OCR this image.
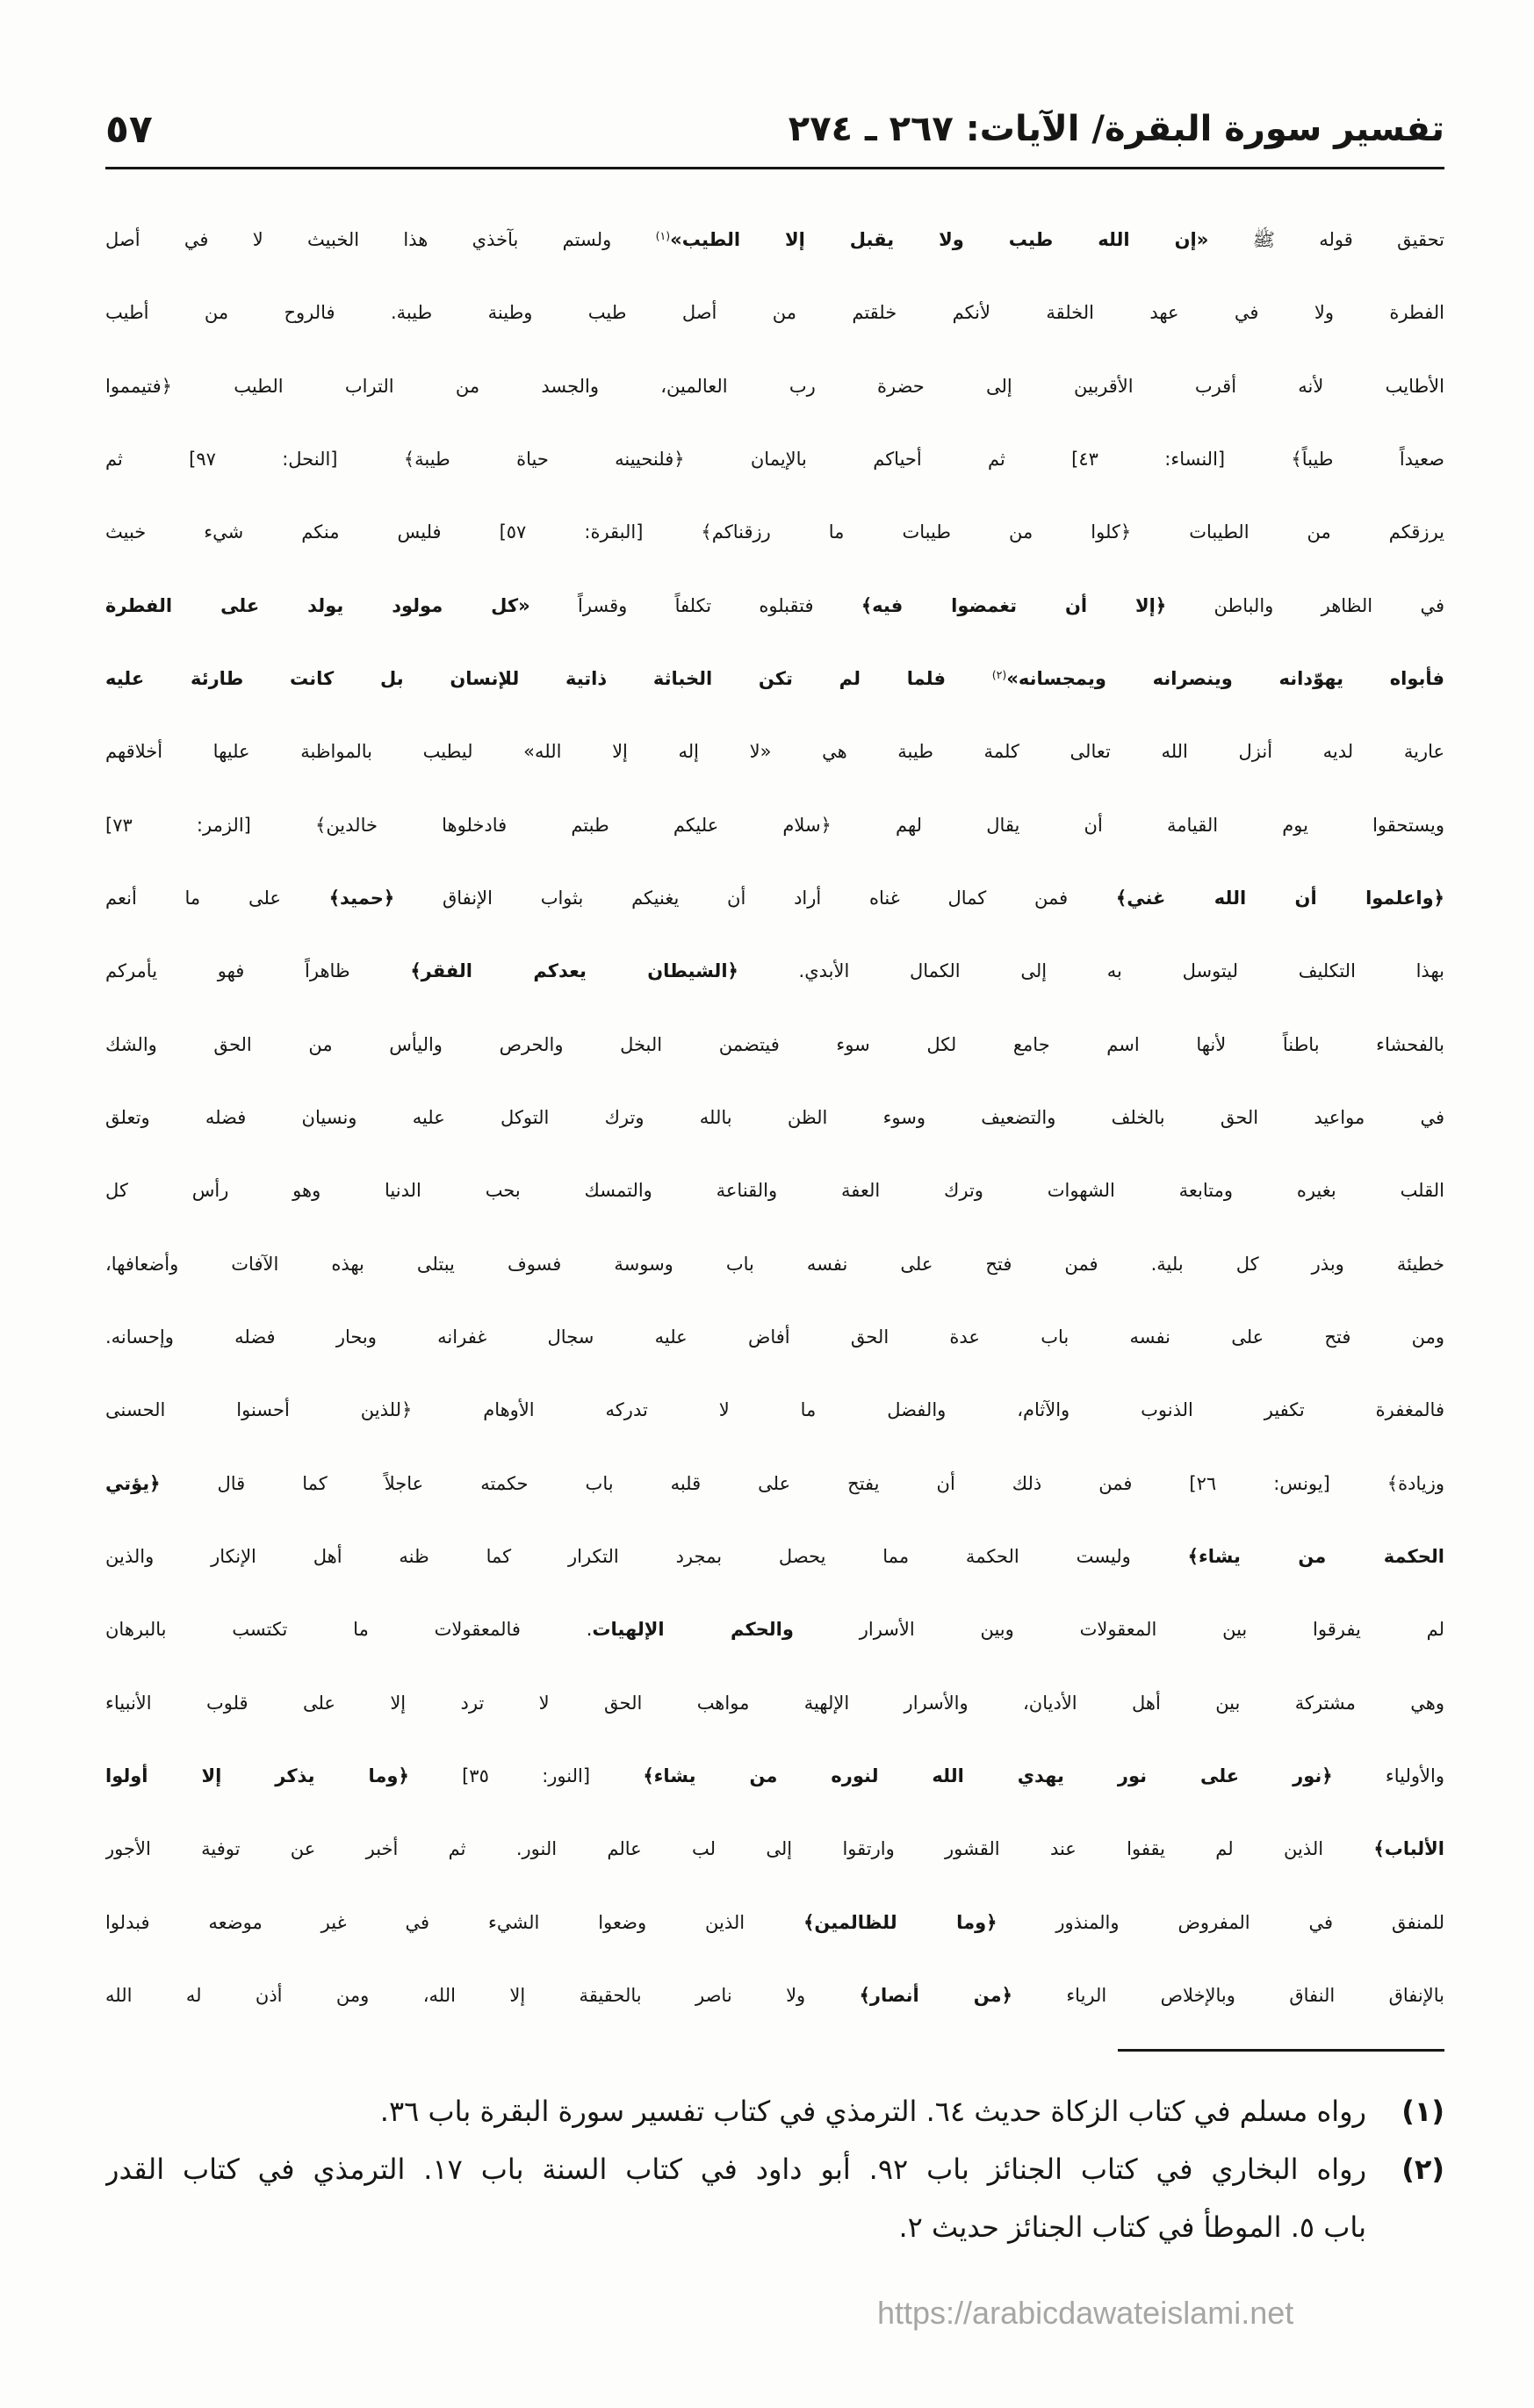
تفسير سورة البقرة/ الآيات: ٢٦٧ ـ ٢٧٤
٥٧
تحقيق قوله ﷺ «إن الله طيب ولا يقبل إلا الطيب»$^{(١)}$ ولستم بآخذي هذا الخبيث لا في أصل
الفطرة ولا في عهد الخلقة لأنكم خلقتم من أصل طيب وطينة طيبة. فالروح من أطيب
الأطايب لأنه أقرب الأقربين إلى حضرة رب العالمين، والجسد من التراب الطيب ﴿فتيمموا
صعيداً طيباً﴾ [النساء: ٤٣] ثم أحياكم بالإيمان ﴿فلنحيينه حياة طيبة﴾ [النحل: ٩٧] ثم
يرزقكم من الطيبات ﴿كلوا من طيبات ما رزقناكم﴾ [البقرة: ٥٧] فليس منكم شيء خبيث
في الظاهر والباطن ﴿إلا أن تغمضوا فيه﴾ فتقبلوه تكلفاً وقسراً «كل مولود يولد على الفطرة
فأبواه يهوّدانه وينصرانه ويمجسانه»$^{(٢)}$ فلما لم تكن الخباثة ذاتية للإنسان بل كانت طارئة عليه
عارية لديه أنزل الله تعالى كلمة طيبة هي «لا إله إلا الله» ليطيب بالمواظبة عليها أخلاقهم
ويستحقوا يوم القيامة أن يقال لهم ﴿سلام عليكم طبتم فادخلوها خالدين﴾ [الزمر: ٧٣]
﴿واعلموا أن الله غني﴾ فمن كمال غناه أراد أن يغنيكم بثواب الإنفاق ﴿حميد﴾ على ما أنعم
بهذا التكليف ليتوسل به إلى الكمال الأبدي. ﴿الشيطان يعدكم الفقر﴾ ظاهراً فهو يأمركم
بالفحشاء باطناً لأنها اسم جامع لكل سوء فيتضمن البخل والحرص واليأس من الحق والشك
في مواعيد الحق بالخلف والتضعيف وسوء الظن بالله وترك التوكل عليه ونسيان فضله وتعلق
القلب بغيره ومتابعة الشهوات وترك العفة والقناعة والتمسك بحب الدنيا وهو رأس كل
خطيئة وبذر كل بلية. فمن فتح على نفسه باب وسوسة فسوف يبتلى بهذه الآفات وأضعافها،
ومن فتح على نفسه باب عدة الحق أفاض عليه سجال غفرانه وبحار فضله وإحسانه.
فالمغفرة تكفير الذنوب والآثام، والفضل ما لا تدركه الأوهام ﴿للذين أحسنوا الحسنى
وزيادة﴾ [يونس: ٢٦] فمن ذلك أن يفتح على قلبه باب حكمته عاجلاً كما قال ﴿يؤتي
الحكمة من يشاء﴾ وليست الحكمة مما يحصل بمجرد التكرار كما ظنه أهل الإنكار والذين
لم يفرقوا بين المعقولات وبين الأسرار والحكم الإلهيات. فالمعقولات ما تكتسب بالبرهان
وهي مشتركة بين أهل الأديان، والأسرار الإلهية مواهب الحق لا ترد إلا على قلوب الأنبياء
والأولياء ﴿نور على نور يهدي الله لنوره من يشاء﴾ [النور: ٣٥] ﴿وما يذكر إلا أولوا
الألباب﴾ الذين لم يقفوا عند القشور وارتقوا إلى لب عالم النور. ثم أخبر عن توفية الأجور
للمنفق في المفروض والمنذور ﴿وما للظالمين﴾ الذين وضعوا الشيء في غير موضعه فبدلوا
بالإنفاق النفاق وبالإخلاص الرياء ﴿من أنصار﴾ ولا ناصر بالحقيقة إلا الله، ومن أذن له الله
(١)
رواه مسلم في كتاب الزكاة حديث ٦٤. الترمذي في كتاب تفسير سورة البقرة باب ٣٦.
(٢)
رواه البخاري في كتاب الجنائز باب ٩٢. أبو داود في كتاب السنة باب ١٧. الترمذي في كتاب القدر
باب ٥. الموطأ في كتاب الجنائز حديث ٢.
https://arabicdawateislami.net
